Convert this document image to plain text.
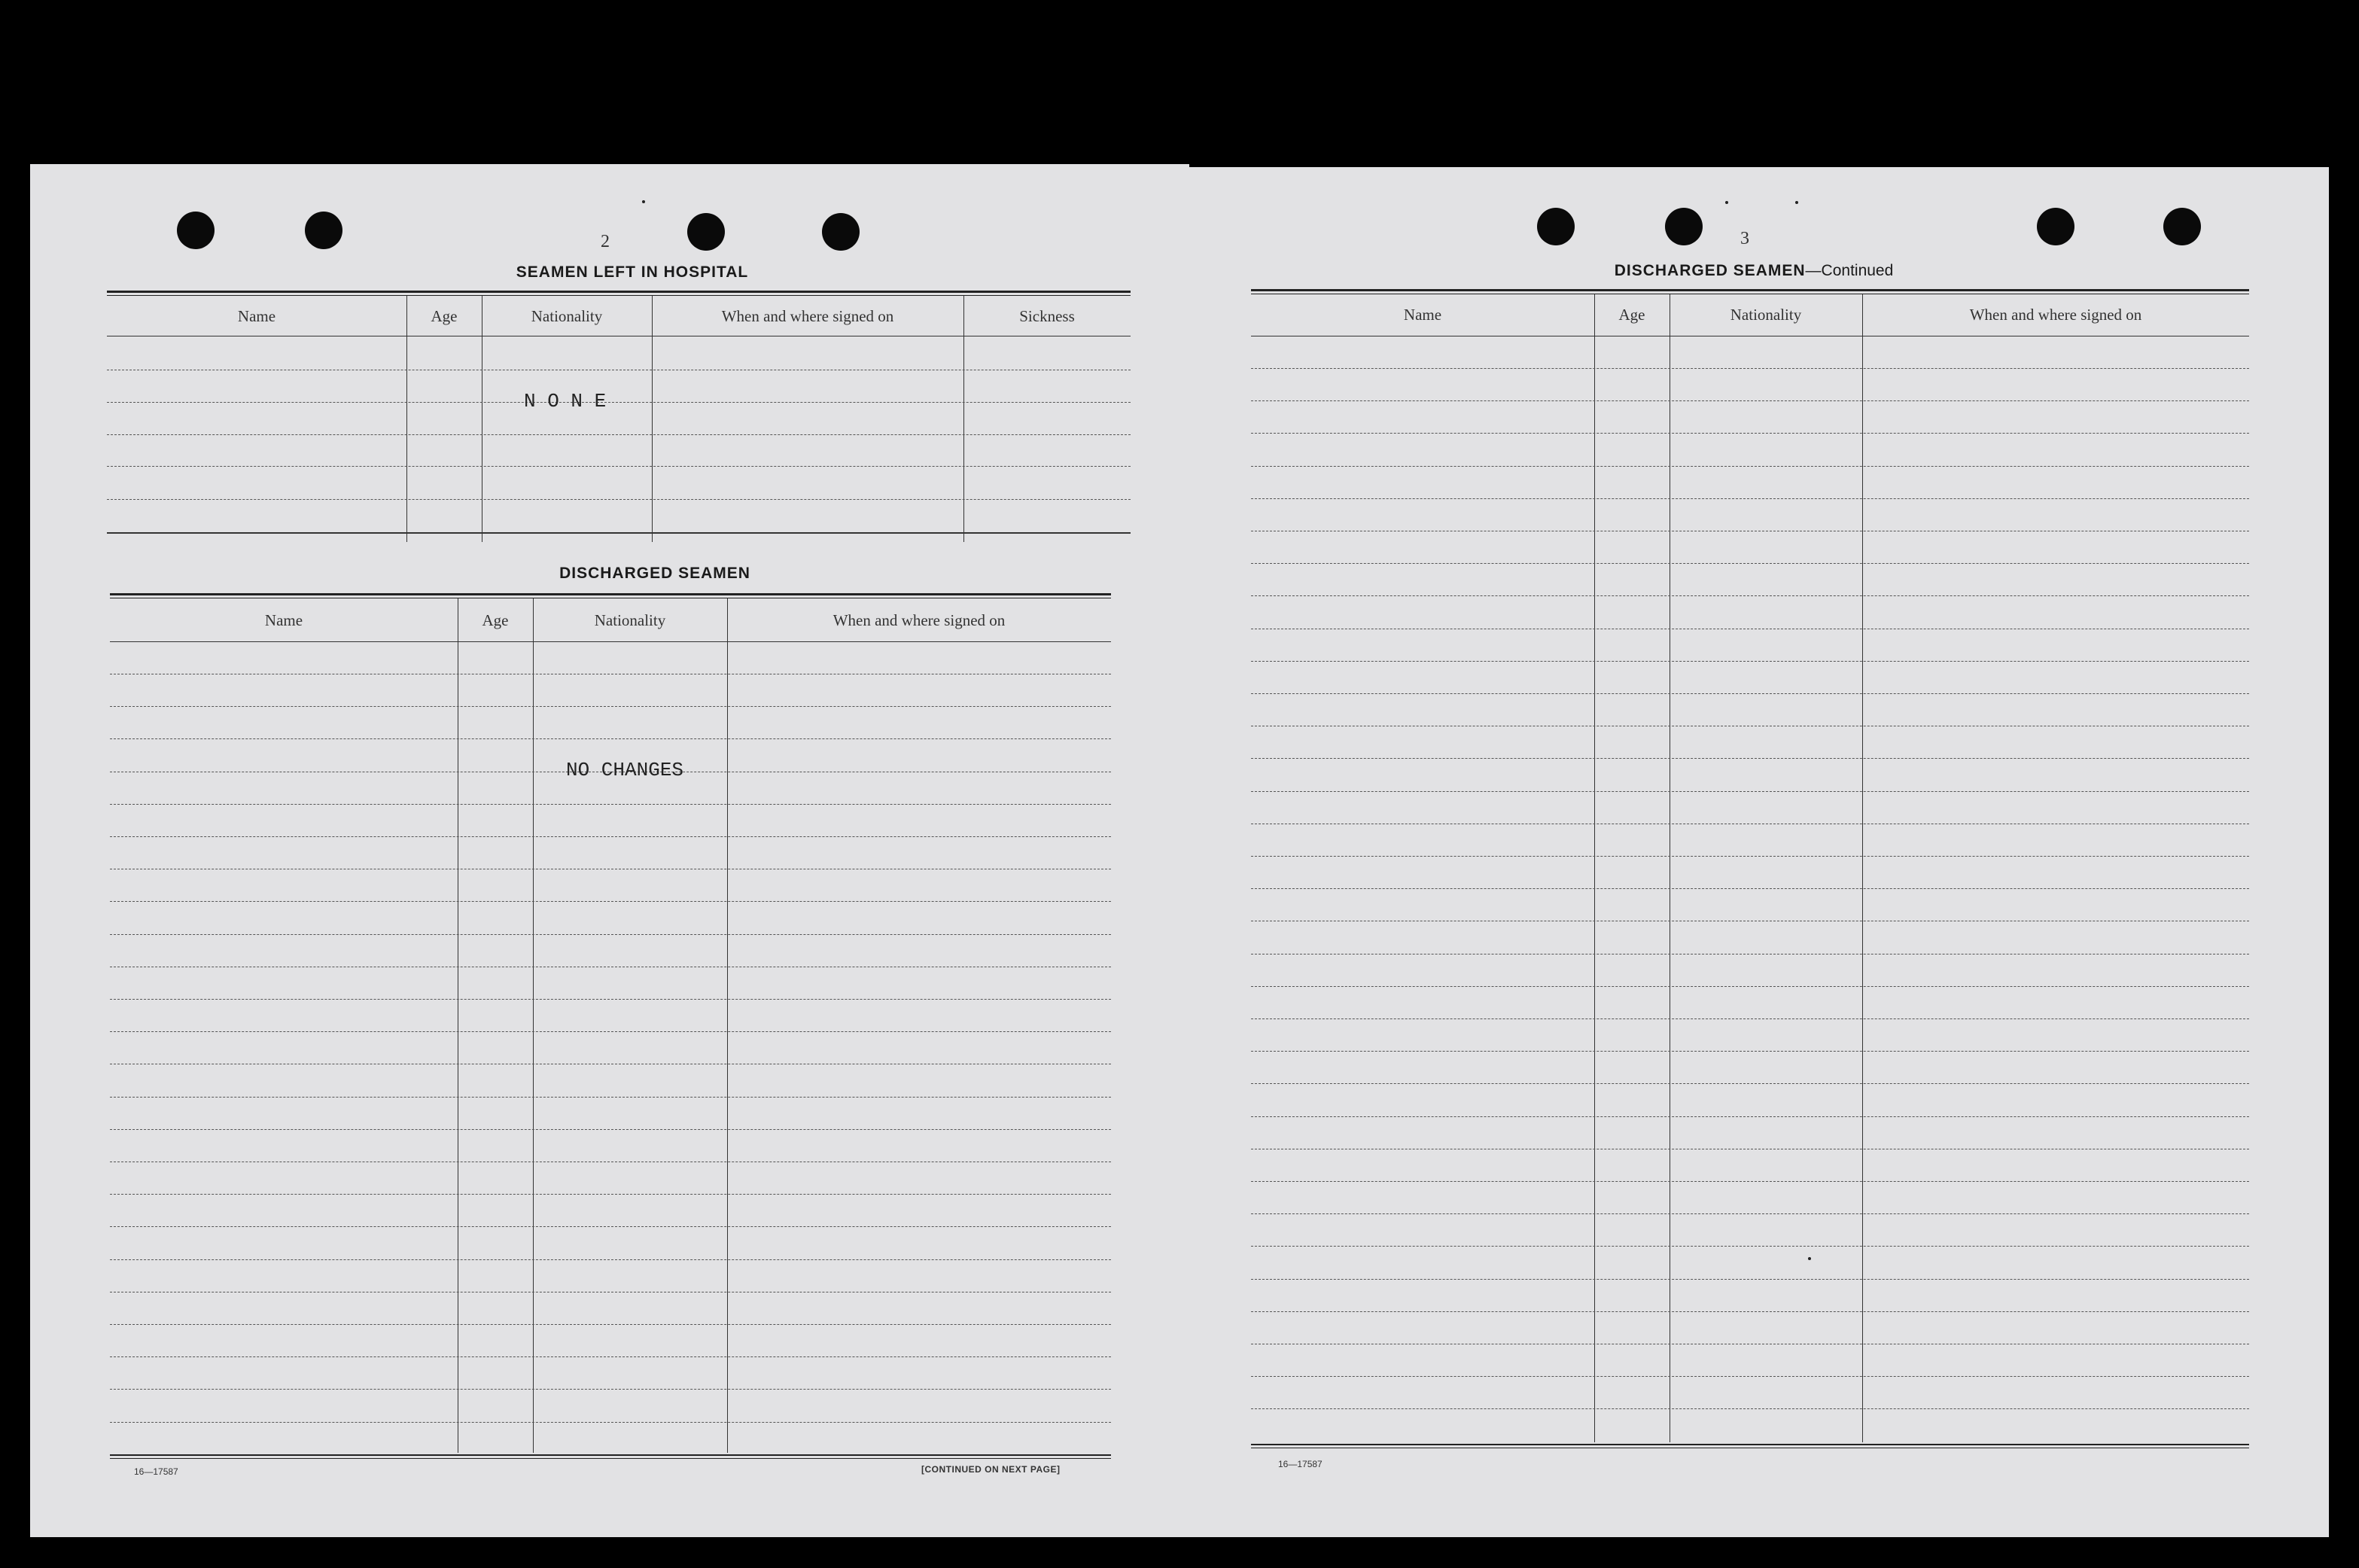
2
SEAMEN LEFT IN HOSPITAL
Name	Age	Nationality	When and where signed on	Sickness
N O N E
DISCHARGED SEAMEN
Name	Age	Nationality	When and where signed on
NO CHANGES
16—17587	[CONTINUED ON NEXT PAGE]
3
DISCHARGED SEAMEN—Continued
Name	Age	Nationality	When and where signed on
16—17587
